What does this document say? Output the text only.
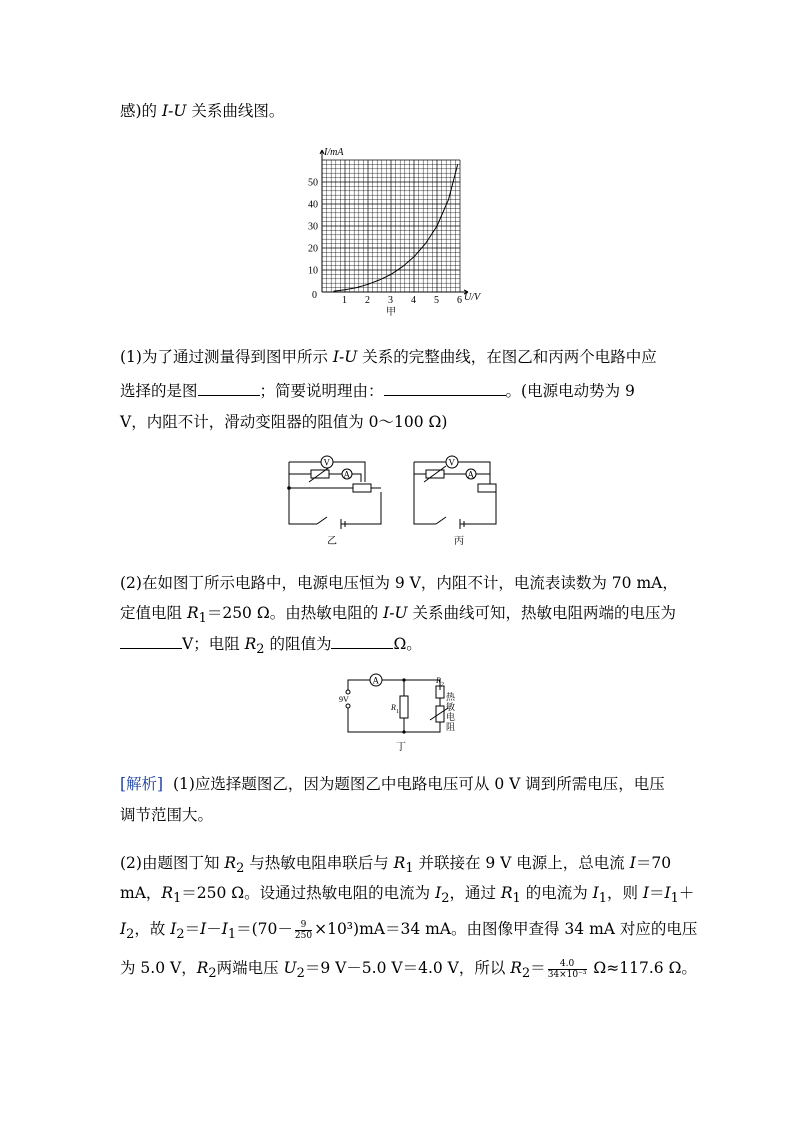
感)的 I-U 关系曲线图。
I/mA
U/V
0
10
20
30
40
50
1 2 3 4 5 6
甲
(1)为了通过测量得到图甲所示 I-U 关系的完整曲线，在图乙和丙两个电路中应
选择的是图	；简要说明理由：	。(电源电动势为 9
V，内阻不计，滑动变阻器的阻值为 0～100 Ω)
V
A
乙
V
A
丙
(2)在如图丁所示电路中，电源电压恒为 9 V，内阻不计，电流表读数为 70 mA，
定值电阻 $R_1=250$ Ω。由热敏电阻的 I-U 关系曲线可知，热敏电阻两端的电压为
V；电阻 $R_2$ 的阻值为	Ω。
A
9V
R 1
R 2
热
敏
电
阻
丁
[解析] (1)应选择题图乙，因为题图乙中电路电压可从 0 V 调到所需电压，电压
调节范围大。
(2)由题图丁知 $R_2$ 与热敏电阻串联后与 $R_1$ 并联接在 9 V 电源上，总电流 I＝70
mA，$R_1=250$ Ω。设通过热敏电阻的电流为 $I_2$，通过 $R_1$ 的电流为 $I_1$，则 $I=I_1+$
$I_2$，故 $I_2=I-I_1=(70- \frac{9}{250} \times 10^3)mA=34$ mA。由图像甲查得 34 mA 对应的电压
为 5.0 V，$R_2$两端电压 $U_2=9$ V－5.0 V＝4.0 V，所以 $R_2= \frac{4.0}{\text{34×10⁻³}} \Omega\approx 117.6$ Ω。
